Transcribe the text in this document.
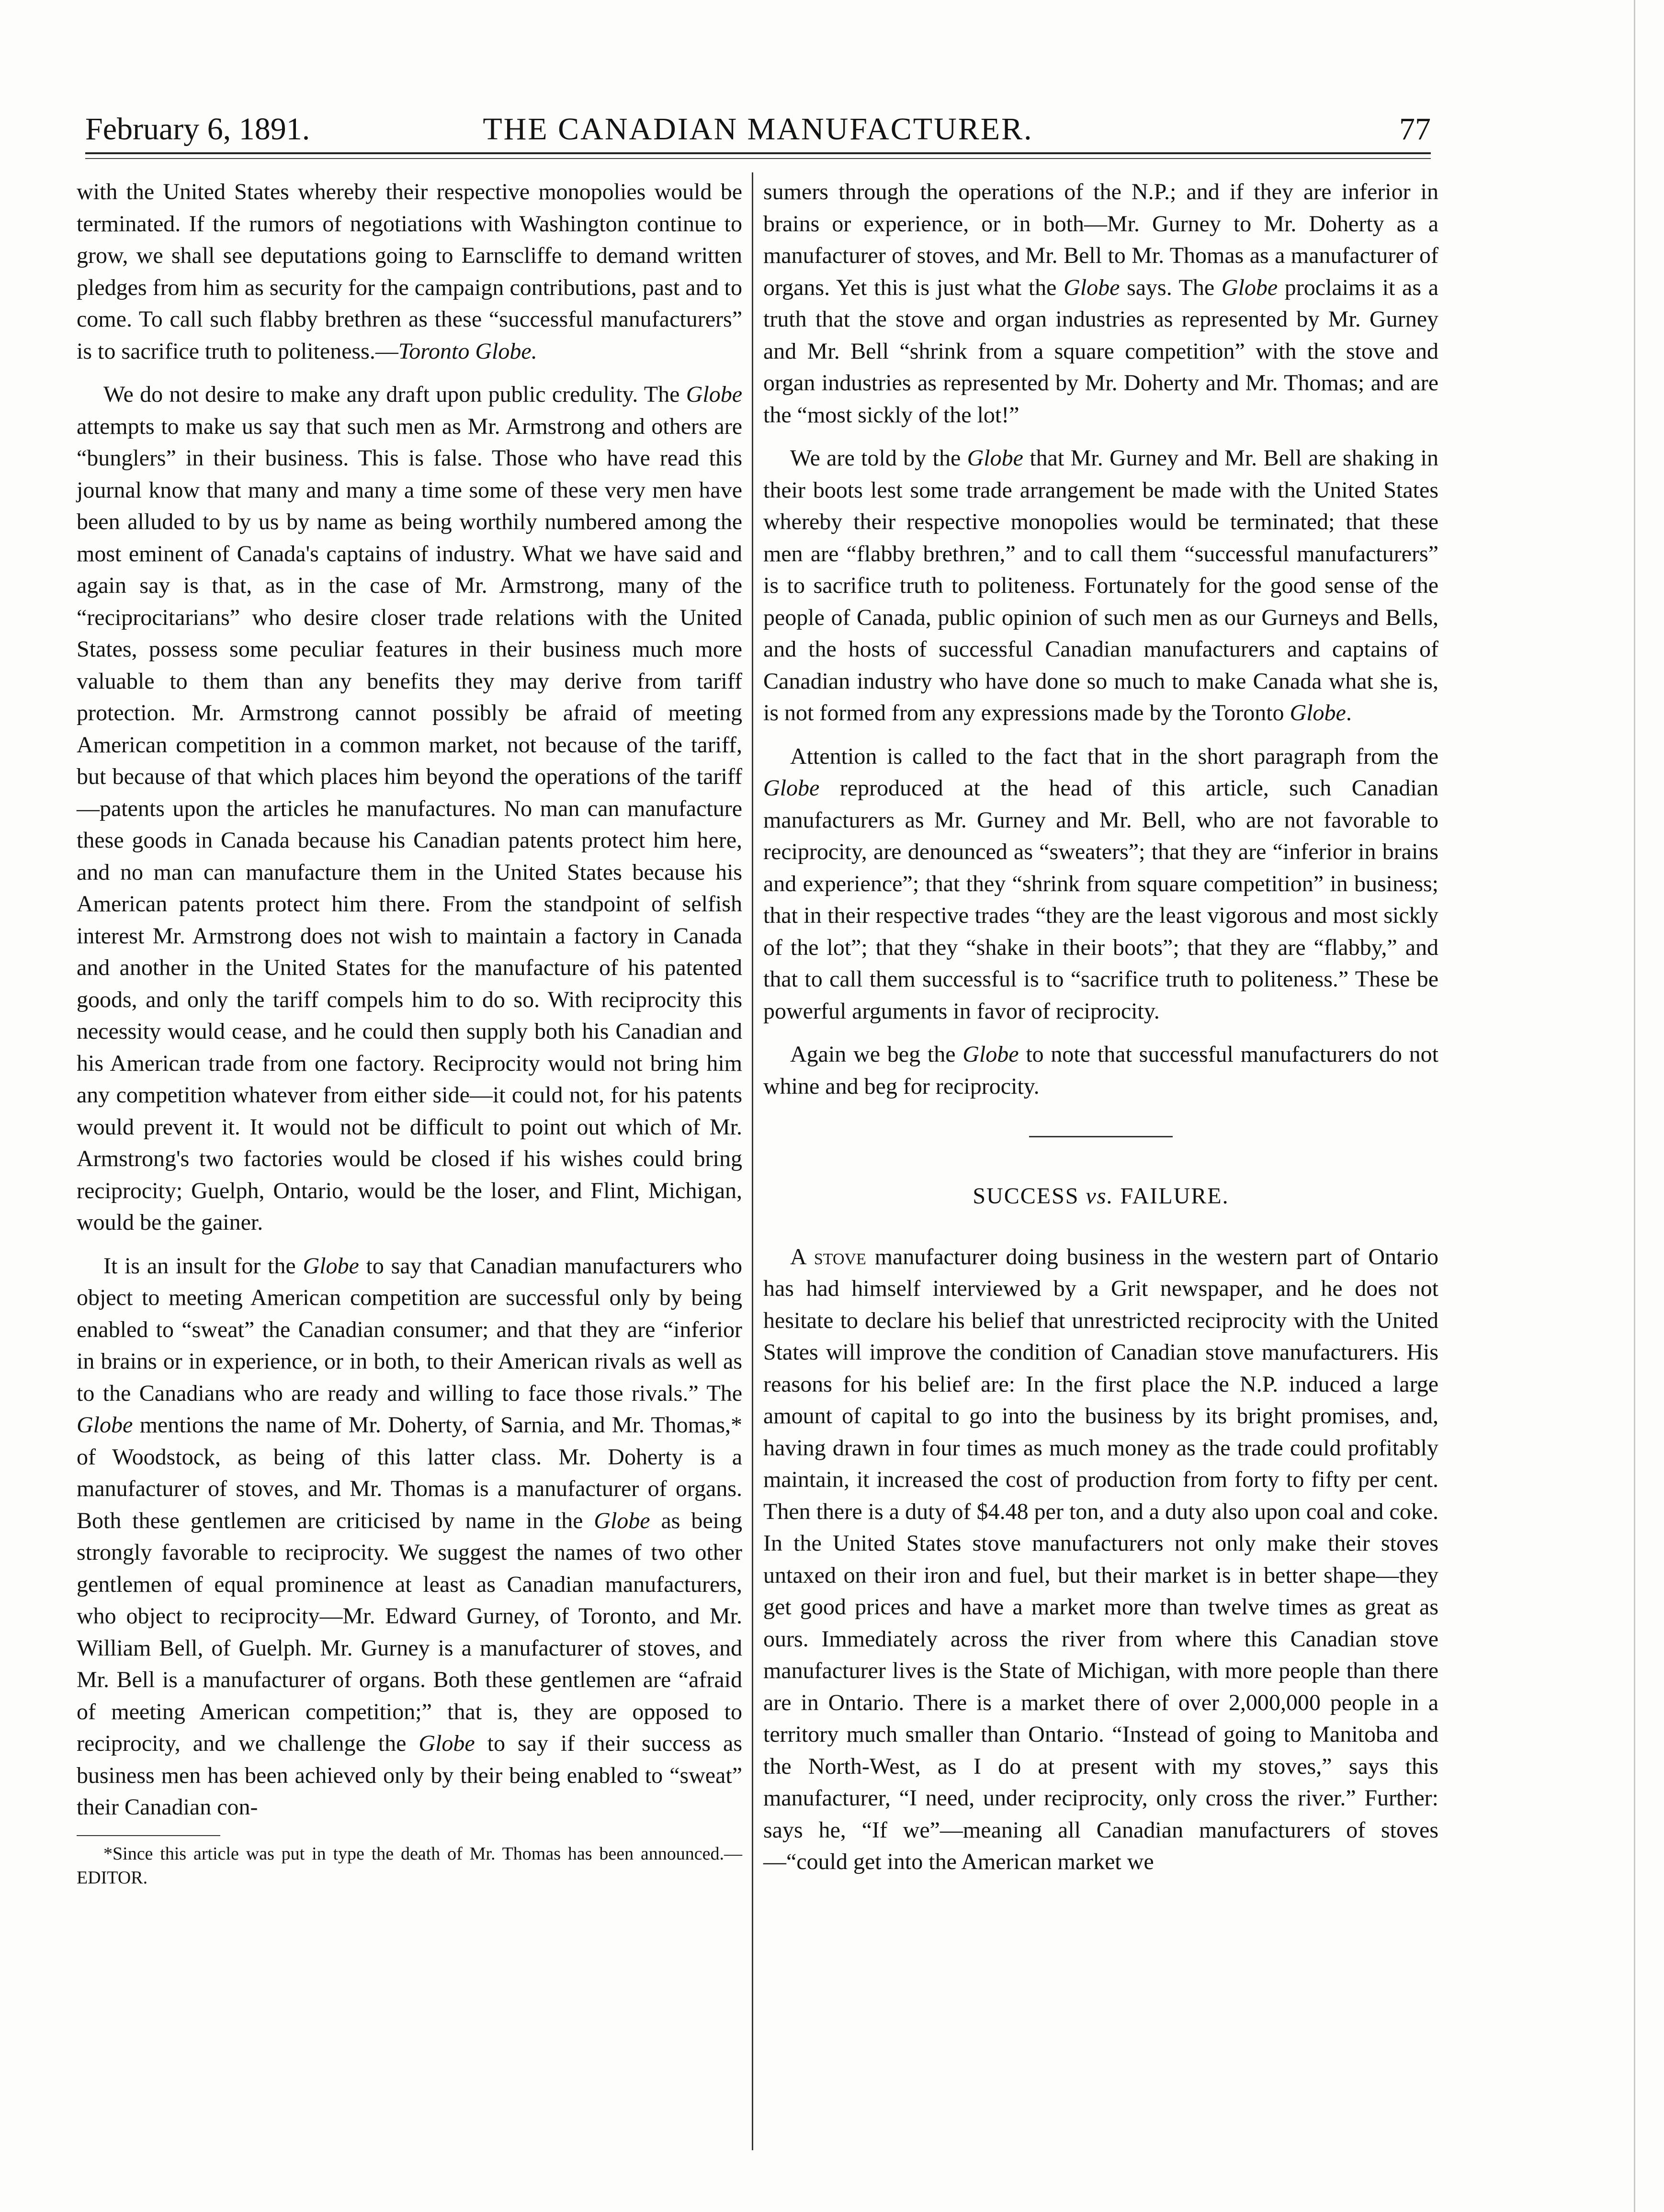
February 6, 1891.	THE CANADIAN MANUFACTURER.	77

with the United States whereby their respective monopolies would be terminated. If the rumors of negotiations with Washington continue to grow, we shall see deputations going to Earnscliffe to demand written pledges from him as security for the campaign contributions, past and to come. To call such flabby brethren as these “successful manufacturers” is to sacrifice truth to politeness.—Toronto Globe.

We do not desire to make any draft upon public credulity. The Globe attempts to make us say that such men as Mr. Armstrong and others are “bunglers” in their business. This is false. Those who have read this journal know that many and many a time some of these very men have been alluded to by us by name as being worthily numbered among the most eminent of Canada's captains of industry. What we have said and again say is that, as in the case of Mr. Armstrong, many of the “reciprocitarians” who desire closer trade relations with the United States, possess some peculiar features in their business much more valuable to them than any benefits they may derive from tariff protection. Mr. Armstrong cannot possibly be afraid of meeting American competition in a common market, not because of the tariff, but because of that which places him beyond the operations of the tariff—patents upon the articles he manufactures. No man can manufacture these goods in Canada because his Canadian patents protect him here, and no man can manufacture them in the United States because his American patents protect him there. From the standpoint of selfish interest Mr. Armstrong does not wish to maintain a factory in Canada and another in the United States for the manufacture of his patented goods, and only the tariff compels him to do so. With reciprocity this necessity would cease, and he could then supply both his Canadian and his American trade from one factory. Reciprocity would not bring him any competition whatever from either side—it could not, for his patents would prevent it. It would not be difficult to point out which of Mr. Armstrong's two factories would be closed if his wishes could bring reciprocity; Guelph, Ontario, would be the loser, and Flint, Michigan, would be the gainer.

It is an insult for the Globe to say that Canadian manufacturers who object to meeting American competition are successful only by being enabled to “sweat” the Canadian consumer; and that they are “inferior in brains or in experience, or in both, to their American rivals as well as to the Canadians who are ready and willing to face those rivals.” The Globe mentions the name of Mr. Doherty, of Sarnia, and Mr. Thomas,* of Woodstock, as being of this latter class. Mr. Doherty is a manufacturer of stoves, and Mr. Thomas is a manufacturer of organs. Both these gentlemen are criticised by name in the Globe as being strongly favorable to reciprocity. We suggest the names of two other gentlemen of equal prominence at least as Canadian manufacturers, who object to reciprocity—Mr. Edward Gurney, of Toronto, and Mr. William Bell, of Guelph. Mr. Gurney is a manufacturer of stoves, and Mr. Bell is a manufacturer of organs. Both these gentlemen are “afraid of meeting American competition;” that is, they are opposed to reciprocity, and we challenge the Globe to say if their success as business men has been achieved only by their being enabled to “sweat” their Canadian con-

*Since this article was put in type the death of Mr. Thomas has been announced.—EDITOR.

sumers through the operations of the N.P.; and if they are inferior in brains or experience, or in both—Mr. Gurney to Mr. Doherty as a manufacturer of stoves, and Mr. Bell to Mr. Thomas as a manufacturer of organs. Yet this is just what the Globe says. The Globe proclaims it as a truth that the stove and organ industries as represented by Mr. Gurney and Mr. Bell “shrink from a square competition” with the stove and organ industries as represented by Mr. Doherty and Mr. Thomas; and are the “most sickly of the lot!”

We are told by the Globe that Mr. Gurney and Mr. Bell are shaking in their boots lest some trade arrangement be made with the United States whereby their respective monopolies would be terminated; that these men are “flabby brethren,” and to call them “successful manufacturers” is to sacrifice truth to politeness. Fortunately for the good sense of the people of Canada, public opinion of such men as our Gurneys and Bells, and the hosts of successful Canadian manufacturers and captains of Canadian industry who have done so much to make Canada what she is, is not formed from any expressions made by the Toronto Globe.

Attention is called to the fact that in the short paragraph from the Globe reproduced at the head of this article, such Canadian manufacturers as Mr. Gurney and Mr. Bell, who are not favorable to reciprocity, are denounced as “sweaters”; that they are “inferior in brains and experience”; that they “shrink from square competition” in business; that in their respective trades “they are the least vigorous and most sickly of the lot”; that they “shake in their boots”; that they are “flabby,” and that to call them successful is to “sacrifice truth to politeness.” These be powerful arguments in favor of reciprocity.

Again we beg the Globe to note that successful manufacturers do not whine and beg for reciprocity.

SUCCESS vs. FAILURE.

A stove manufacturer doing business in the western part of Ontario has had himself interviewed by a Grit newspaper, and he does not hesitate to declare his belief that unrestricted reciprocity with the United States will improve the condition of Canadian stove manufacturers. His reasons for his belief are: In the first place the N.P. induced a large amount of capital to go into the business by its bright promises, and, having drawn in four times as much money as the trade could profitably maintain, it increased the cost of production from forty to fifty per cent. Then there is a duty of $4.48 per ton, and a duty also upon coal and coke. In the United States stove manufacturers not only make their stoves untaxed on their iron and fuel, but their market is in better shape—they get good prices and have a market more than twelve times as great as ours. Immediately across the river from where this Canadian stove manufacturer lives is the State of Michigan, with more people than there are in Ontario. There is a market there of over 2,000,000 people in a territory much smaller than Ontario. “Instead of going to Manitoba and the North-West, as I do at present with my stoves,” says this manufacturer, “I need, under reciprocity, only cross the river.” Further: says he, “If we”—meaning all Canadian manufacturers of stoves—“could get into the American market we
